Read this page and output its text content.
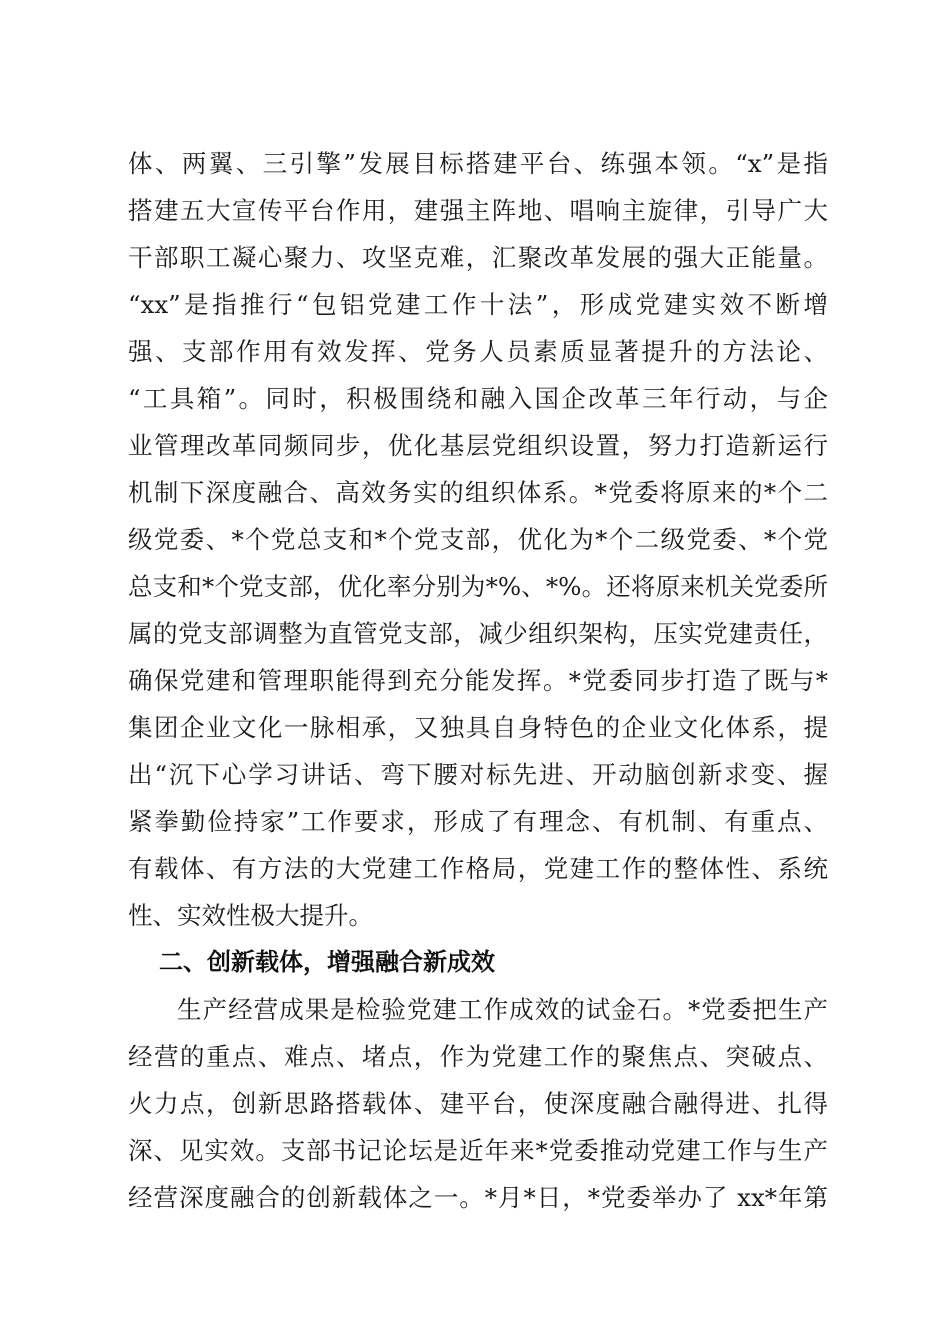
体、两翼、三引擎”发展目标搭建平台、练强本领。“x”是指
搭建五大宣传平台作用，建强主阵地、唱响主旋律，引导广大
干部职工凝心聚力、攻坚克难，汇聚改革发展的强大正能量。
“xx”是指推行“包铝党建工作十法”，形成党建实效不断增
强、支部作用有效发挥、党务人员素质显著提升的方法论、
“工具箱”。同时，积极围绕和融入国企改革三年行动，与企
业管理改革同频同步，优化基层党组织设置，努力打造新运行
机制下深度融合、高效务实的组织体系。*党委将原来的*个二
级党委、*个党总支和*个党支部，优化为*个二级党委、*个党
总支和*个党支部，优化率分别为*%、*%。还将原来机关党委所
属的党支部调整为直管党支部，减少组织架构，压实党建责任，
确保党建和管理职能得到充分能发挥。*党委同步打造了既与*
集团企业文化一脉相承，又独具自身特色的企业文化体系，提
出“沉下心学习讲话、弯下腰对标先进、开动脑创新求变、握
紧拳勤俭持家”工作要求，形成了有理念、有机制、有重点、
有载体、有方法的大党建工作格局，党建工作的整体性、系统
性、实效性极大提升。
二、创新载体，增强融合新成效
生产经营成果是检验党建工作成效的试金石。*党委把生产
经营的重点、难点、堵点，作为党建工作的聚焦点、突破点、
火力点，创新思路搭载体、建平台，使深度融合融得进、扎得
深、见实效。支部书记论坛是近年来*党委推动党建工作与生产
经营深度融合的创新载体之一。*月*日，*党委举办了 xx*年第
